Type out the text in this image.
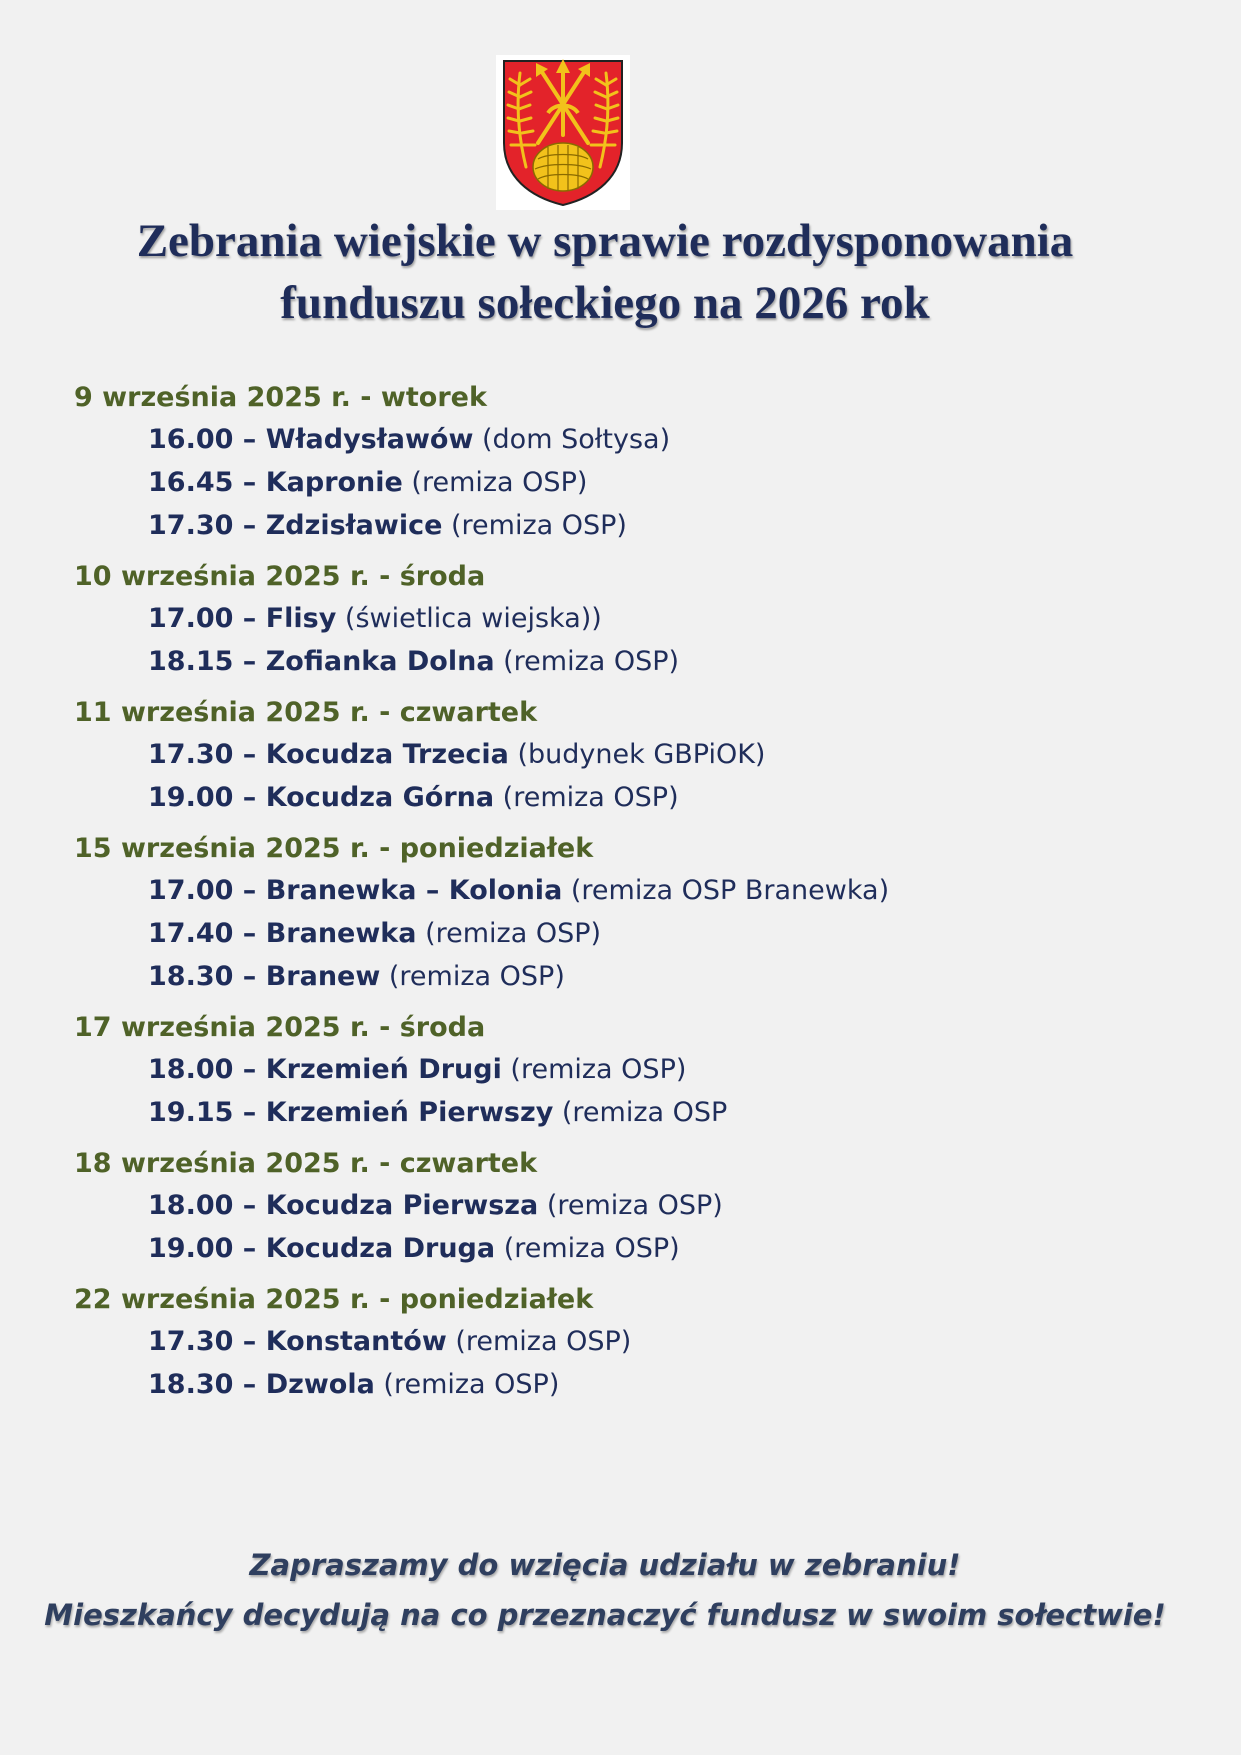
Zebrania wiejskie w sprawie rozdysponowania
funduszu sołeckiego na 2026 rok
9 września 2025 r. - wtorek
16.00 – Władysławów (dom Sołtysa)
16.45 – Kapronie (remiza OSP)
17.30 – Zdzisławice (remiza OSP)
10 września 2025 r. - środa
17.00 – Flisy (świetlica wiejska))
18.15 – Zofianka Dolna (remiza OSP)
11 września 2025 r. - czwartek
17.30 – Kocudza Trzecia (budynek GBPiOK)
19.00 – Kocudza Górna (remiza OSP)
15 września 2025 r. - poniedziałek
17.00 – Branewka – Kolonia (remiza OSP Branewka)
17.40 – Branewka (remiza OSP)
18.30 – Branew (remiza OSP)
17 września 2025 r. - środa
18.00 – Krzemień Drugi (remiza OSP)
19.15 – Krzemień Pierwszy (remiza OSP
18 września 2025 r. - czwartek
18.00 – Kocudza Pierwsza (remiza OSP)
19.00 – Kocudza Druga (remiza OSP)
22 września 2025 r. - poniedziałek
17.30 – Konstantów (remiza OSP)
18.30 – Dzwola (remiza OSP)
Zapraszamy do wzięcia udziału w zebraniu!
Mieszkańcy decydują na co przeznaczyć fundusz w swoim sołectwie!
